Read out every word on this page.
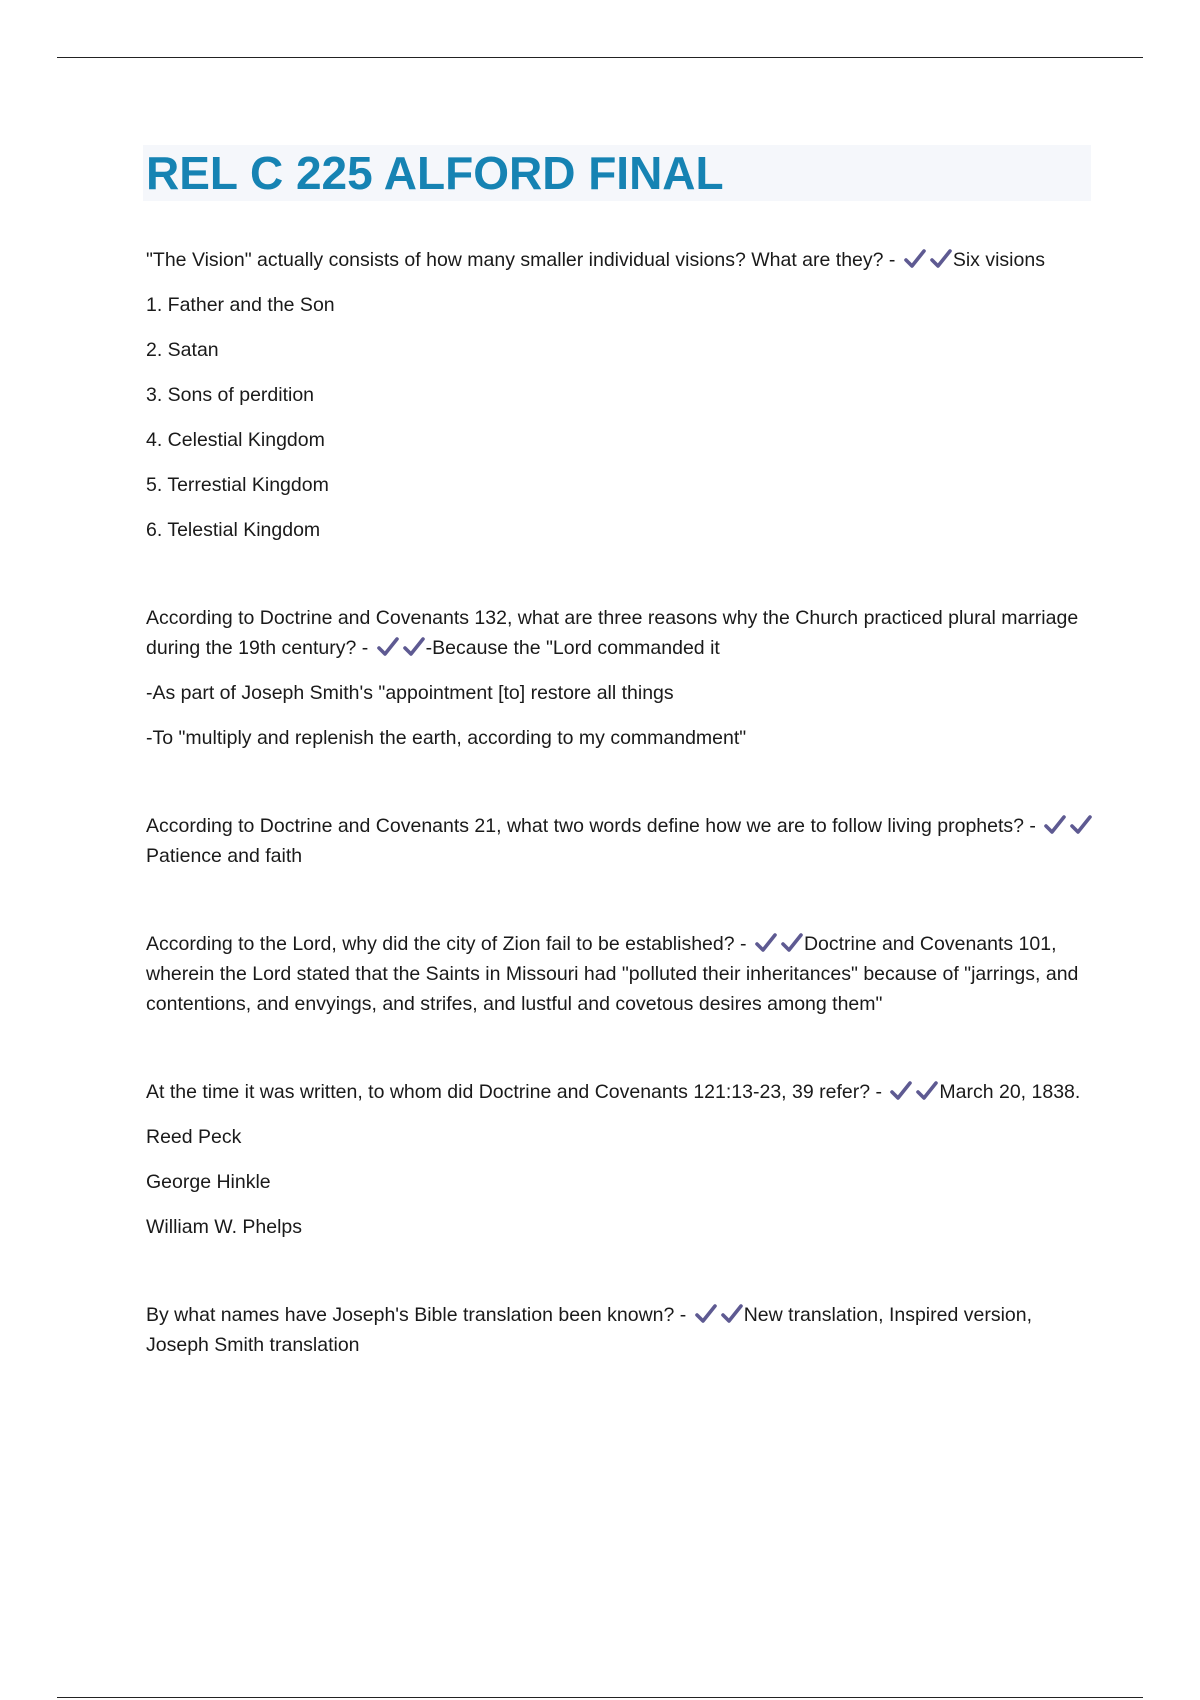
REL C 225 ALFORD FINAL

"The Vision" actually consists of how many smaller individual visions? What are they? -	Six visions

1. Father and the Son

2. Satan

3. Sons of perdition

4. Celestial Kingdom

5. Terrestial Kingdom

6. Telestial Kingdom

According to Doctrine and Covenants 132, what are three reasons why the Church practiced plural marriage during the 19th century? -	-Because the "Lord commanded it

-As part of Joseph Smith's "appointment [to] restore all things

-To "multiply and replenish the earth, according to my commandment"

According to Doctrine and Covenants 21, what two words define how we are to follow living prophets? -
Patience and faith

According to the Lord, why did the city of Zion fail to be established? -	Doctrine and Covenants 101, wherein the Lord stated that the Saints in Missouri had "polluted their inheritances" because of "jarrings, and contentions, and envyings, and strifes, and lustful and covetous desires among them"

At the time it was written, to whom did Doctrine and Covenants 121:13-23, 39 refer? -	March 20, 1838.

Reed Peck

George Hinkle

William W. Phelps

By what names have Joseph's Bible translation been known? -	New translation, Inspired version, Joseph Smith translation
